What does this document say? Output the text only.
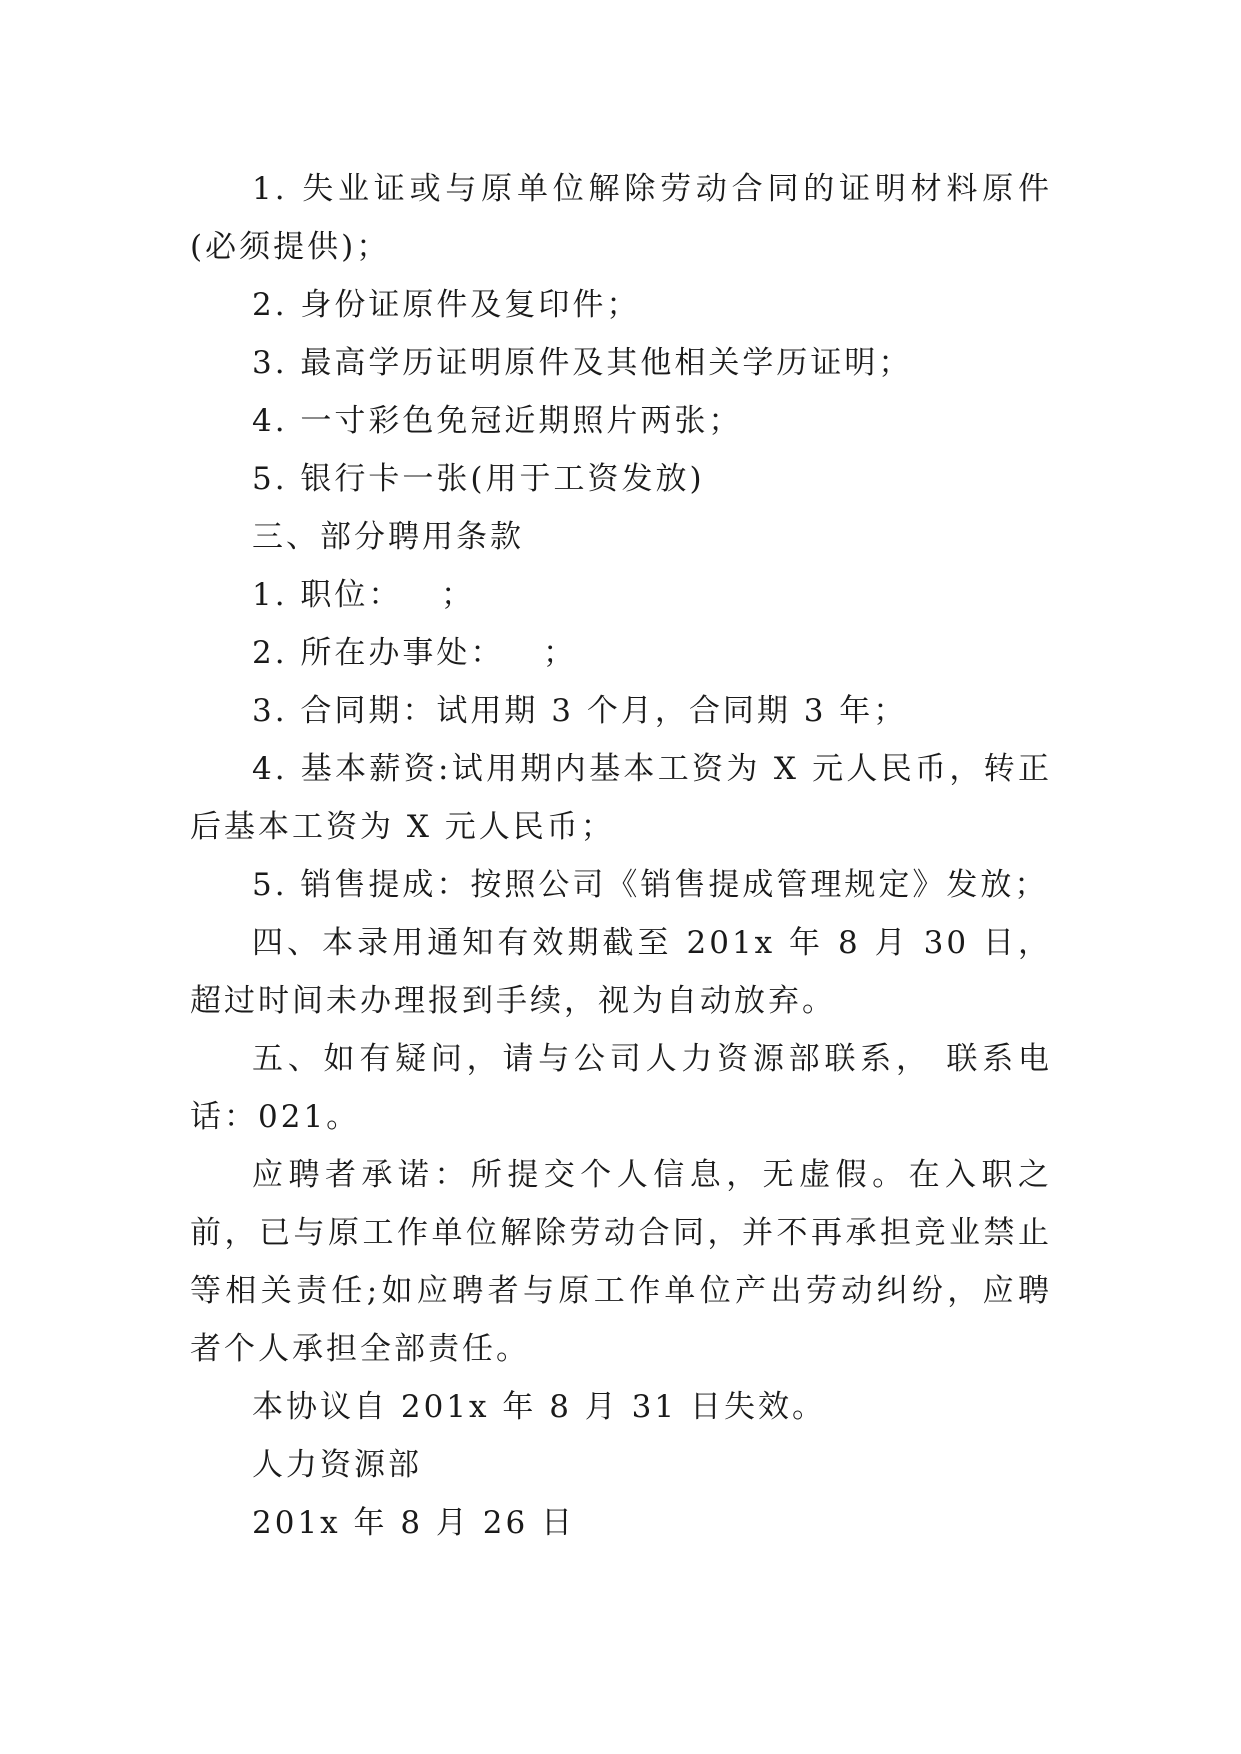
1. 失业证或与原单位解除劳动合同的证明材料原件(必须提供)；

2. 身份证原件及复印件；

3. 最高学历证明原件及其他相关学历证明；

4. 一寸彩色免冠近期照片两张；

5. 银行卡一张(用于工资发放)

三、部分聘用条款

1. 职位：   ；

2. 所在办事处：   ；

3. 合同期：试用期 3 个月，合同期 3 年；

4. 基本薪资:试用期内基本工资为 X 元人民币，转正后基本工资为 X 元人民币；

5. 销售提成：按照公司《销售提成管理规定》发放；

四、本录用通知有效期截至 201x 年 8 月 30 日，超过时间未办理报到手续，视为自动放弃。

五、如有疑问，请与公司人力资源部联系， 联系电话：021。

应聘者承诺：所提交个人信息，无虚假。在入职之前，已与原工作单位解除劳动合同，并不再承担竞业禁止等相关责任;如应聘者与原工作单位产出劳动纠纷，应聘者个人承担全部责任。

本协议自 201x 年 8 月 31 日失效。

人力资源部

201x 年 8 月 26 日
